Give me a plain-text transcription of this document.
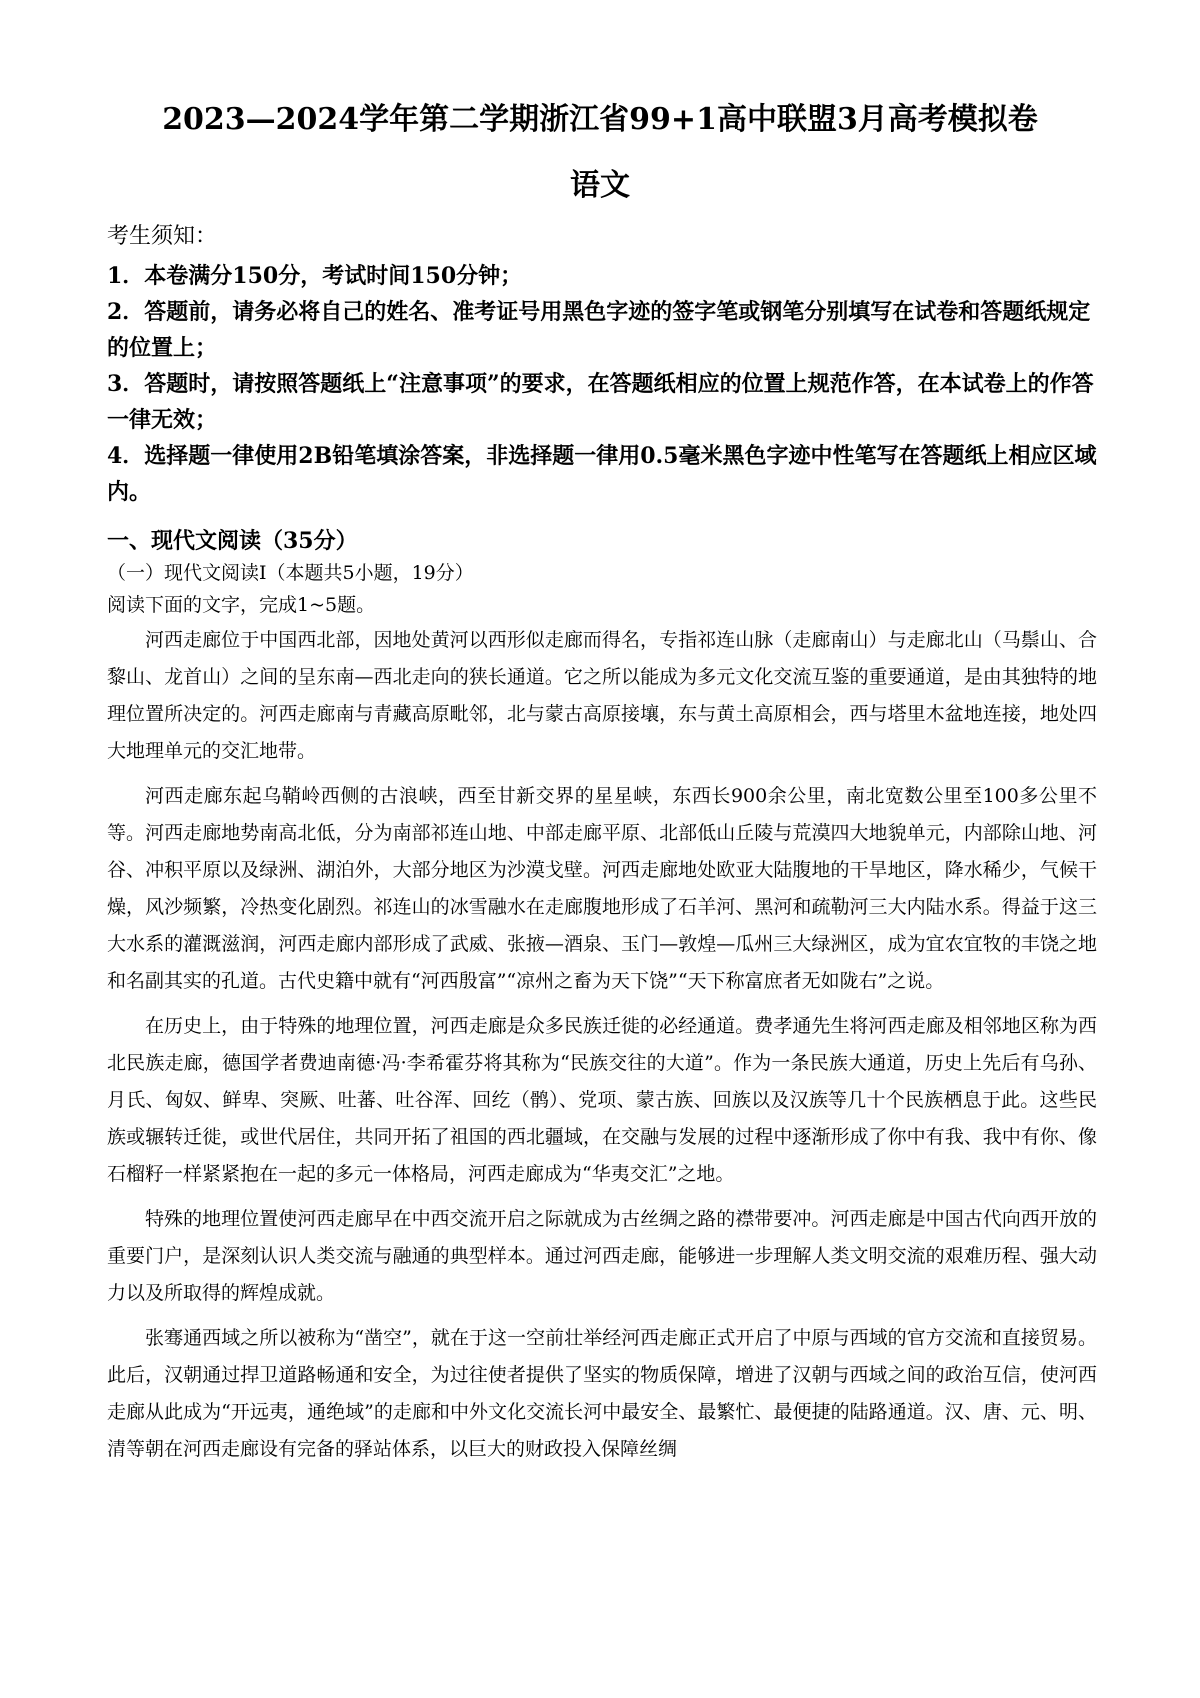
2023—2024学年第二学期浙江省99+1高中联盟3月高考模拟卷
语文
考生须知：
1．本卷满分150分，考试时间150分钟；
2．答题前，请务必将自己的姓名、准考证号用黑色字迹的签字笔或钢笔分别填写在试卷和答题纸规定的位置上；
3．答题时，请按照答题纸上“注意事项”的要求，在答题纸相应的位置上规范作答，在本试卷上的作答一律无效；
4．选择题一律使用2B铅笔填涂答案，非选择题一律用0.5毫米黑色字迹中性笔写在答题纸上相应区域内。
一、现代文阅读（35分）
（一）现代文阅读Ⅰ（本题共5小题，19分）
阅读下面的文字，完成1~5题。

河西走廊位于中国西北部，因地处黄河以西形似走廊而得名，专指祁连山脉（走廊南山）与走廊北山（马鬃山、合黎山、龙首山）之间的呈东南—西北走向的狭长通道。它之所以能成为多元文化交流互鉴的重要通道，是由其独特的地理位置所决定的。河西走廊南与青藏高原毗邻，北与蒙古高原接壤，东与黄土高原相会，西与塔里木盆地连接，地处四大地理单元的交汇地带。

河西走廊东起乌鞘岭西侧的古浪峡，西至甘新交界的星星峡，东西长900余公里，南北宽数公里至100多公里不等。河西走廊地势南高北低，分为南部祁连山地、中部走廊平原、北部低山丘陵与荒漠四大地貌单元，内部除山地、河谷、冲积平原以及绿洲、湖泊外，大部分地区为沙漠戈壁。河西走廊地处欧亚大陆腹地的干旱地区，降水稀少，气候干燥，风沙频繁，冷热变化剧烈。祁连山的冰雪融水在走廊腹地形成了石羊河、黑河和疏勒河三大内陆水系。得益于这三大水系的灌溉滋润，河西走廊内部形成了武威、张掖—酒泉、玉门—敦煌—瓜州三大绿洲区，成为宜农宜牧的丰饶之地和名副其实的孔道。古代史籍中就有“河西殷富”“凉州之畜为天下饶”“天下称富庶者无如陇右”之说。

在历史上，由于特殊的地理位置，河西走廊是众多民族迁徙的必经通道。费孝通先生将河西走廊及相邻地区称为西北民族走廊，德国学者费迪南德·冯·李希霍芬将其称为“民族交往的大道”。作为一条民族大通道，历史上先后有乌孙、月氏、匈奴、鲜卑、突厥、吐蕃、吐谷浑、回纥（鹘）、党项、蒙古族、回族以及汉族等几十个民族栖息于此。这些民族或辗转迁徙，或世代居住，共同开拓了祖国的西北疆域，在交融与发展的过程中逐渐形成了你中有我、我中有你、像石榴籽一样紧紧抱在一起的多元一体格局，河西走廊成为“华夷交汇”之地。

特殊的地理位置使河西走廊早在中西交流开启之际就成为古丝绸之路的襟带要冲。河西走廊是中国古代向西开放的重要门户，是深刻认识人类交流与融通的典型样本。通过河西走廊，能够进一步理解人类文明交流的艰难历程、强大动力以及所取得的辉煌成就。

张骞通西域之所以被称为“凿空”，就在于这一空前壮举经河西走廊正式开启了中原与西域的官方交流和直接贸易。此后，汉朝通过捍卫道路畅通和安全，为过往使者提供了坚实的物质保障，增进了汉朝与西域之间的政治互信，使河西走廊从此成为“开远夷，通绝域”的走廊和中外文化交流长河中最安全、最繁忙、最便捷的陆路通道。汉、唐、元、明、清等朝在河西走廊设有完备的驿站体系，以巨大的财政投入保障丝绸
